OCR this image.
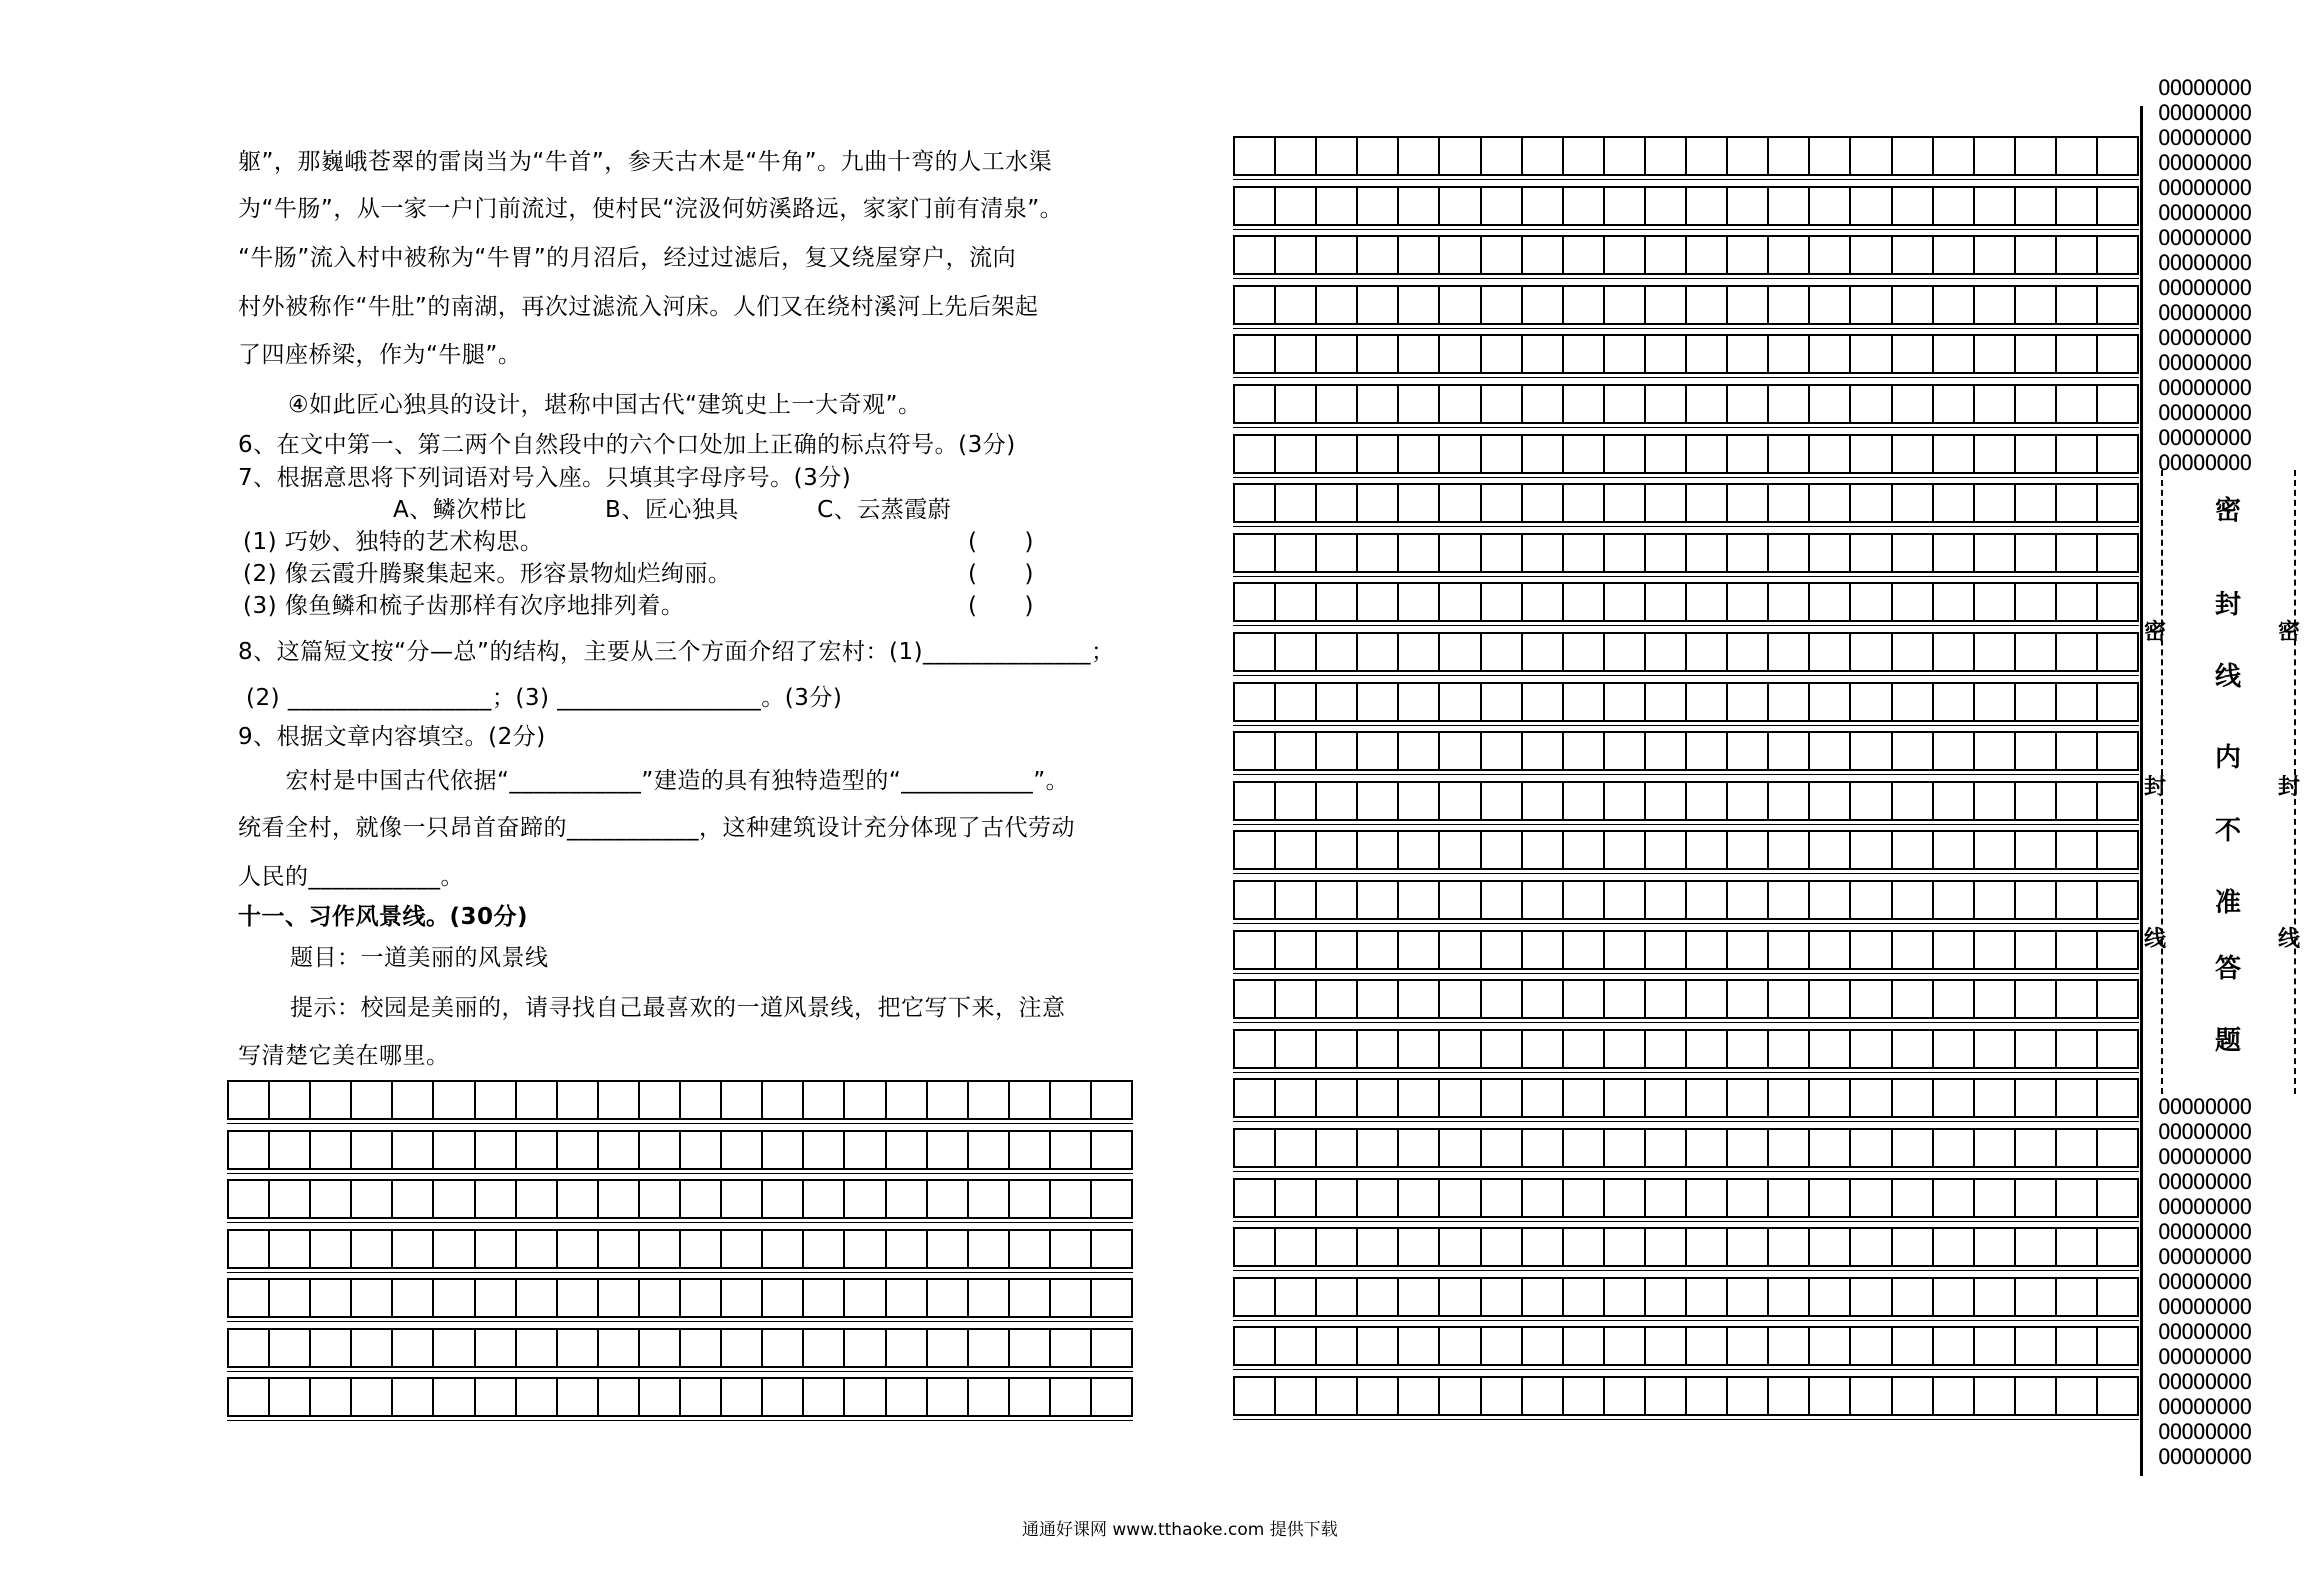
躯”，那巍峨苍翠的雷岗当为“牛首”，参天古木是“牛角”。九曲十弯的人工水渠
为“牛肠”，从一家一户门前流过，使村民“浣汲何妨溪路远，家家门前有清泉”。
“牛肠”流入村中被称为“牛胃”的月沼后，经过过滤后，复又绕屋穿户，流向
村外被称作“牛肚”的南湖，再次过滤流入河床。人们又在绕村溪河上先后架起
了四座桥梁，作为“牛腿”。
④如此匠心独具的设计，堪称中国古代“建筑史上一大奇观”。
6、在文中第一、第二两个自然段中的六个口处加上正确的标点符号。(3分)
7、根据意思将下列词语对号入座。只填其字母序号。(3分)
A、鳞次栉比　　　 B、匠心独具　　　 C、云蒸霞蔚
(1) 巧妙、独特的艺术构思。	(　　)
(2) 像云霞升腾聚集起来。形容景物灿烂绚丽。	(　　)
(3) 像鱼鳞和梳子齿那样有次序地排列着。	(　　)
8、这篇短文按“分—总”的结构，主要从三个方面介绍了宏村：(1)______________；
(2) _________________；(3) _________________。(3分)
9、根据文章内容填空。(2分)
　宏村是中国古代依据“___________”建造的具有独特造型的“___________”。
统看全村，就像一只昂首奋蹄的___________，这种建筑设计充分体现了古代劳动
人民的___________。
十一、习作风景线。(30分)
题目：一道美丽的风景线
提示：校园是美丽的，请寻找自己最喜欢的一道风景线，把它写下来，注意
写清楚它美在哪里。
OOOOOOOO
OOOOOOOO
OOOOOOOO
OOOOOOOO
OOOOOOOO
OOOOOOOO
OOOOOOOO
OOOOOOOO
OOOOOOOO
OOOOOOOO
OOOOOOOO
OOOOOOOO
OOOOOOOO
OOOOOOOO
OOOOOOOO
OOOOOOOO
OOOOOOOO
OOOOOOOO
OOOOOOOO
OOOOOOOO
OOOOOOOO
OOOOOOOO
OOOOOOOO
OOOOOOOO
OOOOOOOO
OOOOOOOO
OOOOOOOO
OOOOOOOO
OOOOOOOO
OOOOOOOO
OOOOOOOO
密
封
线
内
不
准
答
题
密
封
线
密
封
线
通通好课网 www.tthaoke.com 提供下载
